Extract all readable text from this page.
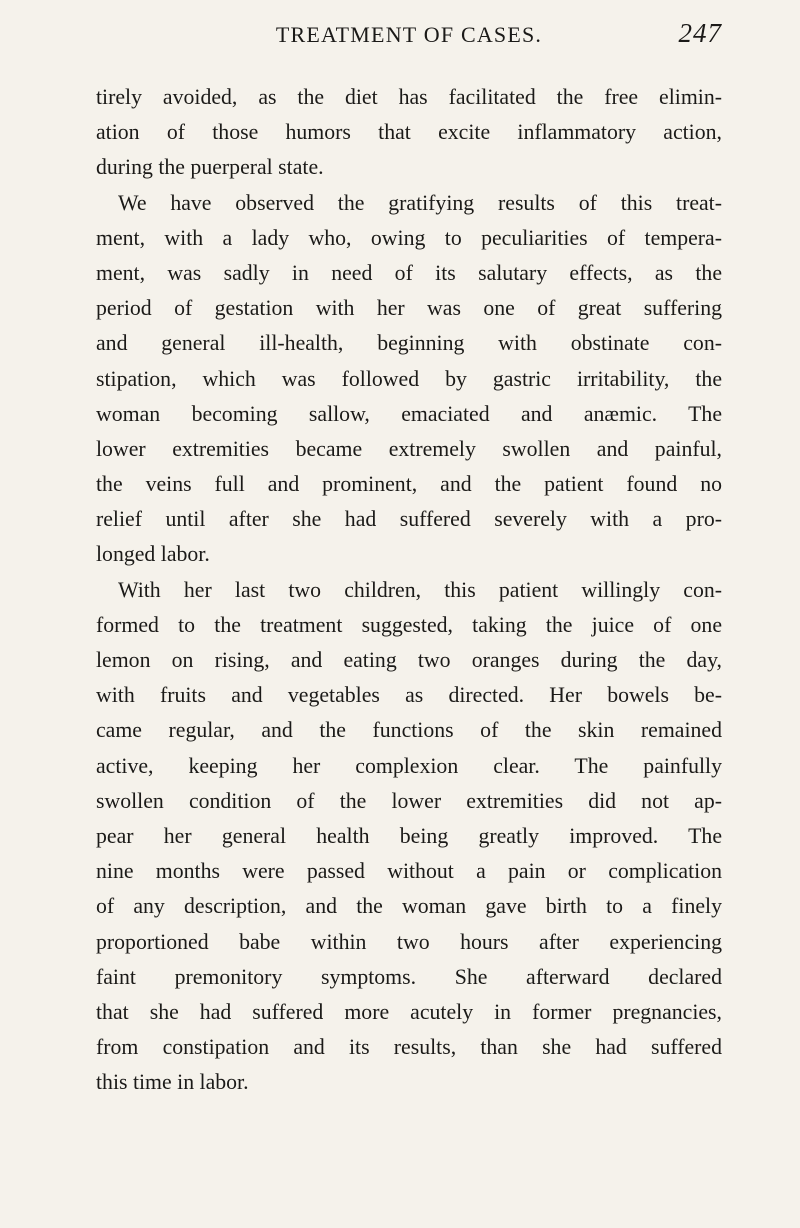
TREATMENT OF CASES.	247

tirely avoided, as the diet has facilitated the free elimin-
ation of those humors that excite inflammatory action,
during the puerperal state.

We have observed the gratifying results of this treat-
ment, with a lady who, owing to peculiarities of tempera-
ment, was sadly in need of its salutary effects, as the
period of gestation with her was one of great suffering
and general ill-health, beginning with obstinate con-
stipation, which was followed by gastric irritability, the
woman becoming sallow, emaciated and anæmic. The
lower extremities became extremely swollen and painful,
the veins full and prominent, and the patient found no
relief until after she had suffered severely with a pro-
longed labor.

With her last two children, this patient willingly con-
formed to the treatment suggested, taking the juice of one
lemon on rising, and eating two oranges during the day,
with fruits and vegetables as directed. Her bowels be-
came regular, and the functions of the skin remained
active, keeping her complexion clear. The painfully
swollen condition of the lower extremities did not ap-
pear her general health being greatly improved. The
nine months were passed without a pain or complication
of any description, and the woman gave birth to a finely
proportioned babe within two hours after experiencing
faint premonitory symptoms. She afterward declared
that she had suffered more acutely in former pregnancies,
from constipation and its results, than she had suffered
this time in labor.
